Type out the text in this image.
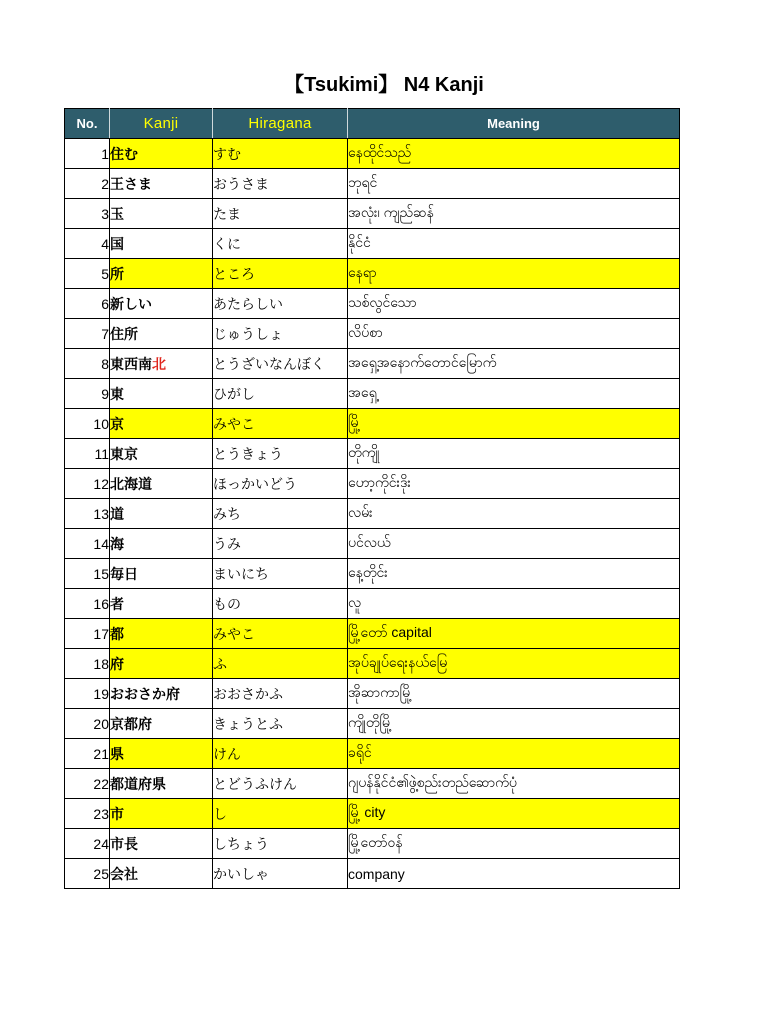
【Tsukimi】 N4 Kanji
No.	Kanji	Hiragana	Meaning
1	住む	すむ	နေထိုင်သည်
2	王さま	おうさま	ဘုရင်
3	玉	たま	အလုံး၊ ကျည်ဆန်
4	国	くに	နိုင်ငံ
5	所	ところ	နေရာ
6	新しい	あたらしい	သစ်လွင်သော
7	住所	じゅうしょ	လိပ်စာ
8	東西南北	とうざいなんぼく	အရှေ့အနောက်တောင်မြောက်
9	東	ひがし	အရှေ့
10	京	みやこ	မြို့
11	東京	とうきょう	တိုကျို
12	北海道	ほっかいどう	ဟော့ကိုင်းဒိုး
13	道	みち	လမ်း
14	海	うみ	ပင်လယ်
15	毎日	まいにち	နေ့တိုင်း
16	者	もの	လူ
17	都	みやこ	မြို့တော် capital
18	府	ふ	အုပ်ချုပ်ရေးနယ်မြေ
19	おおさか府	おおさかふ	အိုဆာကာမြို့
20	京都府	きょうとふ	ကျိုတိုမြို့
21	県	けん	ခရိုင်
22	都道府県	とどうふけん	ဂျပန်နိုင်ငံ၏ဖွဲ့စည်းတည်ဆောက်ပုံ
23	市	し	မြို့ city
24	市長	しちょう	မြို့တော်ဝန်
25	会社	かいしゃ	company
